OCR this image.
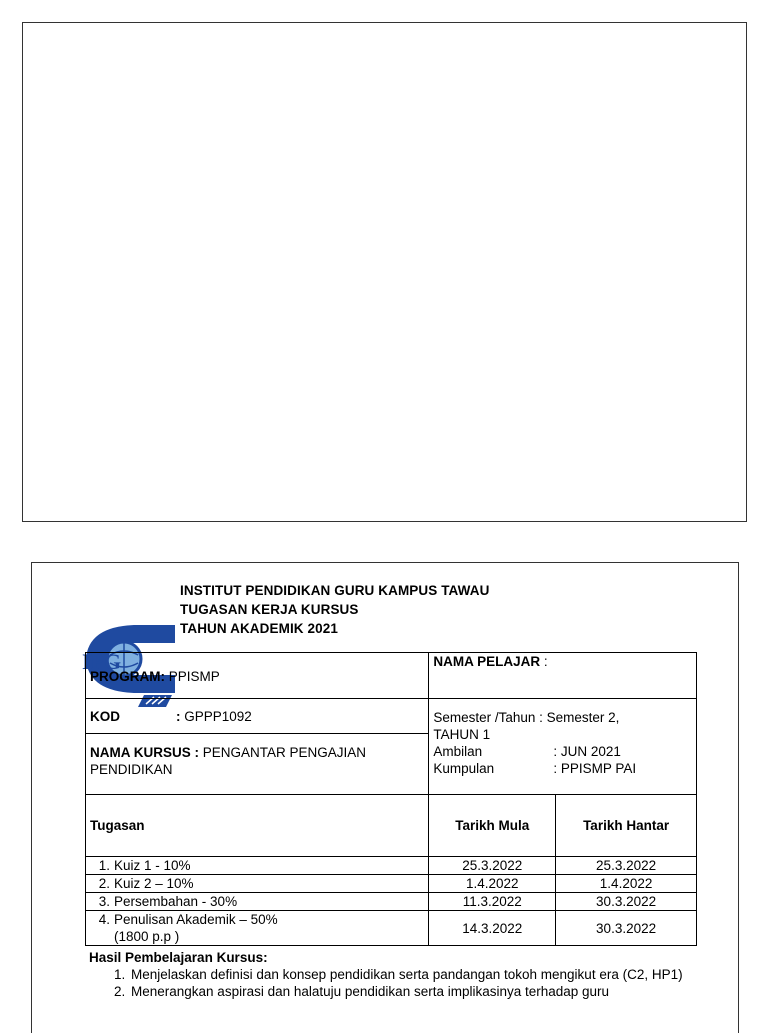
INSTITUT PENDIDIKAN GURU KAMPUS TAWAU
TUGASAN KERJA KURSUS
TAHUN AKADEMIK 2021
IPG
PROGRAM: PPISMP	NAMA PELAJAR :	
KOD : GPPP1092	Semester /Tahun : Semester 2,
TAHUN 1
Ambilan : JUN 2021
Kumpulan : PPISMP PAI	

NAMA KURSUS : PENGANTAR PENGAJIAN PENDIDIKAN		
Tugasan	Tarikh Mula	Tarikh Hantar
1. Kuiz 1 - 10%	25.3.2022	25.3.2022
2. Kuiz 2 – 10%	1.4.2022	1.4.2022
3. Persembahan - 30%	11.3.2022	30.3.2022
4. Penulisan Akademik – 50%
(1800 p.p )	14.3.2022	30.3.2022
Hasil Pembelajaran Kursus:
1. Menjelaskan definisi dan konsep pendidikan serta pandangan tokoh mengikut era (C2, HP1)
2. Menerangkan aspirasi dan halatuju pendidikan serta implikasinya terhadap guru
